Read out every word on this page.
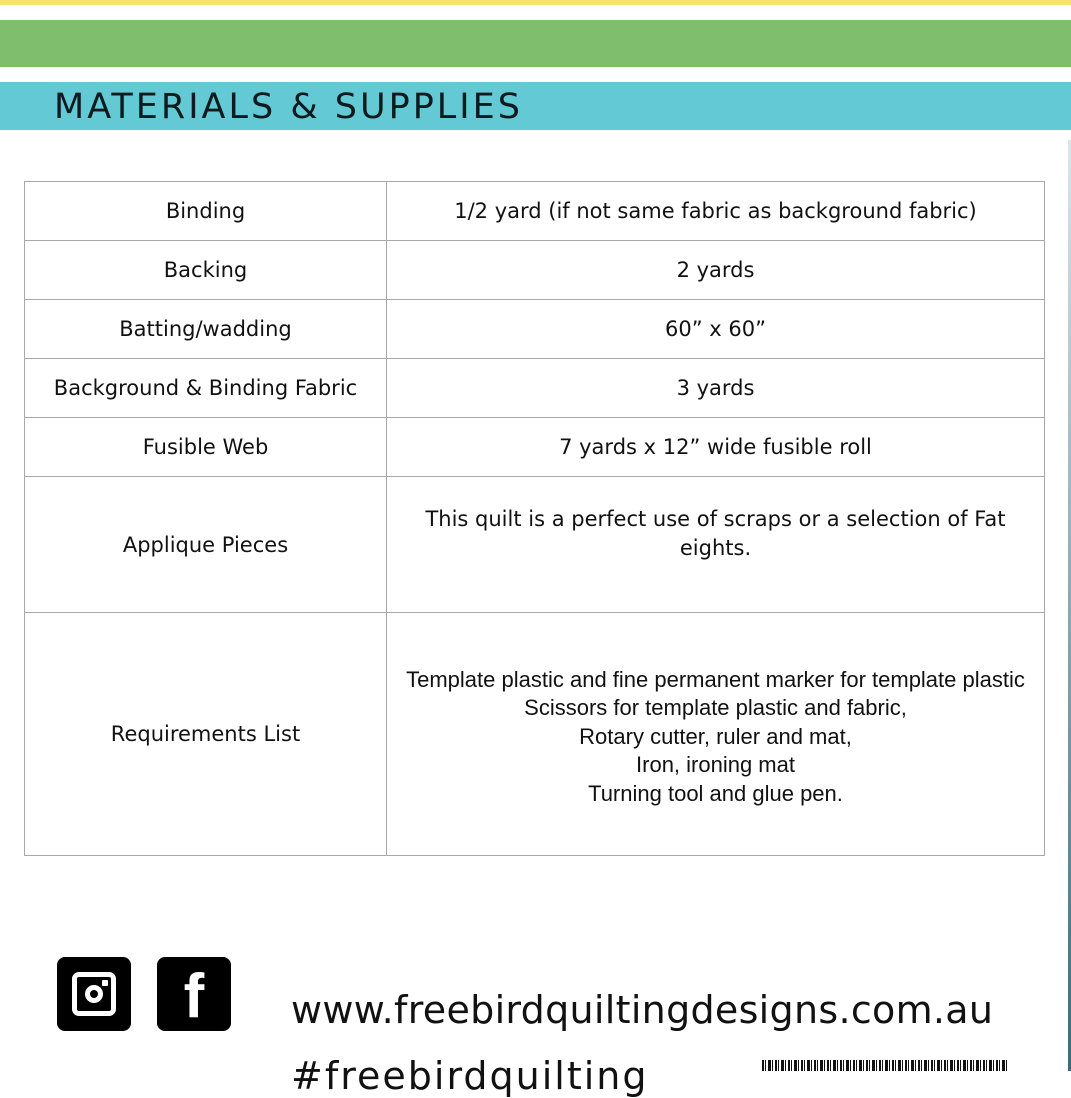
MATERIALS & SUPPLIES
Binding	1/2 yard (if not same fabric as background fabric)
Backing	2 yards
Batting/wadding	60” x 60”
Background & Binding Fabric	3 yards
Fusible Web	7 yards x 12” wide fusible roll
Applique Pieces	This quilt is a perfect use of scraps or a selection of Fat eights.
Requirements List	Template plastic and fine permanent marker for template plastic
Scissors for template plastic and fabric,
Rotary cutter, ruler and mat,
Iron, ironing mat
Turning tool and glue pen.
f	www.freebirdquiltingdesigns.com.au
#freebirdquilting
